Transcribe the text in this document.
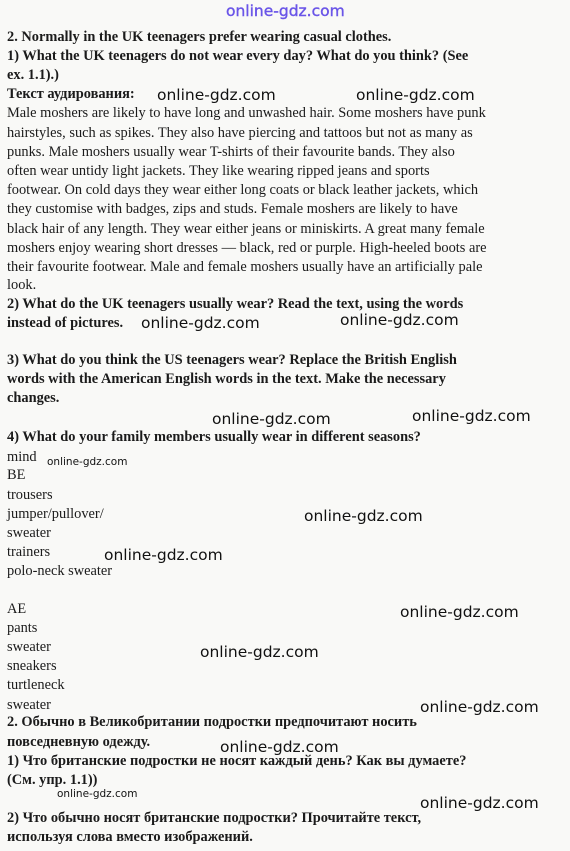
2. Normally in the UK teenagers prefer wearing casual clothes.
1) What the UK teenagers do not wear every day? What do you think? (See
ex. 1.1).)
Текст аудирования:
Male moshers are likely to have long and unwashed hair. Some moshers have punk
hairstyles, such as spikes. They also have piercing and tattoos but not as many as
punks. Male moshers usually wear T-shirts of their favourite bands. They also
often wear untidy light jackets. They like wearing ripped jeans and sports
footwear. On cold days they wear either long coats or black leather jackets, which
they customise with badges, zips and studs. Female moshers are likely to have
black hair of any length. They wear either jeans or miniskirts. A great many female
moshers enjoy wearing short dresses — black, red or purple. High-heeled boots are
their favourite footwear. Male and female moshers usually have an artificially pale
look.
2) What do the UK teenagers usually wear? Read the text, using the words
instead of pictures.
3) What do you think the US teenagers wear? Replace the British English
words with the American English words in the text. Make the necessary
changes.
4) What do your family members usually wear in different seasons?
mind
BE
trousers
jumper/pullover/
sweater
trainers
polo-neck sweater
AE
pants
sweater
sneakers
turtleneck
sweater
2. Обычно в Великобритании подростки предпочитают носить
повседневную одежду.
1) Что британские подростки не носят каждый день? Как вы думаете?
(См. упр. 1.1))
2) Что обычно носят британские подростки? Прочитайте текст,
используя слова вместо изображений.
online-gdz.com
online-gdz.com	online-gdz.com
online-gdz.com	online-gdz.com
online-gdz.com	online-gdz.com
online-gdz.com
online-gdz.com
online-gdz.com
online-gdz.com
online-gdz.com
online-gdz.com
online-gdz.com
online-gdz.com	online-gdz.com
